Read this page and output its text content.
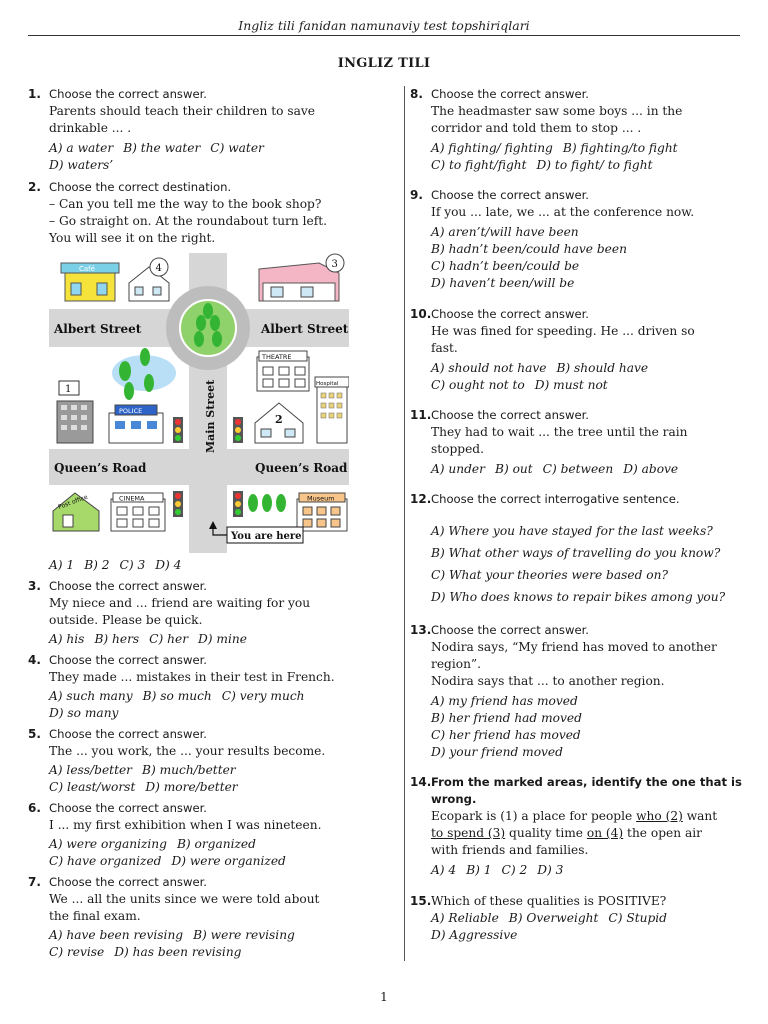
Ingliz tili fanidan namunaviy test topshiriqlari
INGLIZ TILI
1. Choose the correct answer.
Parents should teach their children to save
drinkable ... .
A) a water B) the water C) water
D) waters’
2. Choose the correct destination.
– Can you tell me the way to the book shop?
– Go straight on. At the roundabout turn left.
You will see it on the right.
Albert Street	Albert Street
Queen’s Road	Queen’s Road
Main Street
Café	4	3
1
POLICE
THEATRE
Hospital
2
Post office	CINEMA	Museum
You are here
A) 1 B) 2 C) 3 D) 4
3. Choose the correct answer.
My niece and ... friend are waiting for you
outside. Please be quick.
A) his B) hers C) her D) mine
4. Choose the correct answer.
They made ... mistakes in their test in French.
A) such many B) so much C) very much
D) so many
5. Choose the correct answer.
The ... you work, the ... your results become.
A) less/better B) much/better
C) least/worst D) more/better
6. Choose the correct answer.
I ... my first exhibition when I was nineteen.
A) were organizing B) organized
C) have organized D) were organized
7. Choose the correct answer.
We ... all the units since we were told about
the final exam.
A) have been revising B) were revising
C) revise D) has been revising
8. Choose the correct answer.
The headmaster saw some boys ... in the
corridor and told them to stop ... .
A) fighting/ fighting B) fighting/to fight
C) to fight/fight D) to fight/ to fight
9. Choose the correct answer.
If you ... late, we ... at the conference now.
A) aren’t/will have been
B) hadn’t been/could have been
C) hadn’t been/could be
D) haven’t been/will be
10. Choose the correct answer.
He was fined for speeding. He ... driven so
fast.
A) should not have B) should have
C) ought not to D) must not
11. Choose the correct answer.
They had to wait ... the tree until the rain
stopped.
A) under B) out C) between D) above
12. Choose the correct interrogative sentence.
A) Where you have stayed for the last weeks?
B) What other ways of travelling do you know?
C) What your theories were based on?
D) Who does knows to repair bikes among you?
13. Choose the correct answer.
Nodira says, “My friend has moved to another
region”.
Nodira says that ... to another region.
A) my friend has moved
B) her friend had moved
C) her friend has moved
D) your friend moved
14. From the marked areas, identify the one that is wrong.
Ecopark is (1) a place for people who (2) want
to spend (3) quality time on (4) the open air
with friends and families.
A) 4 B) 1 C) 2 D) 3
15. Which of these qualities is POSITIVE?
A) Reliable B) Overweight C) Stupid
D) Aggressive
1
